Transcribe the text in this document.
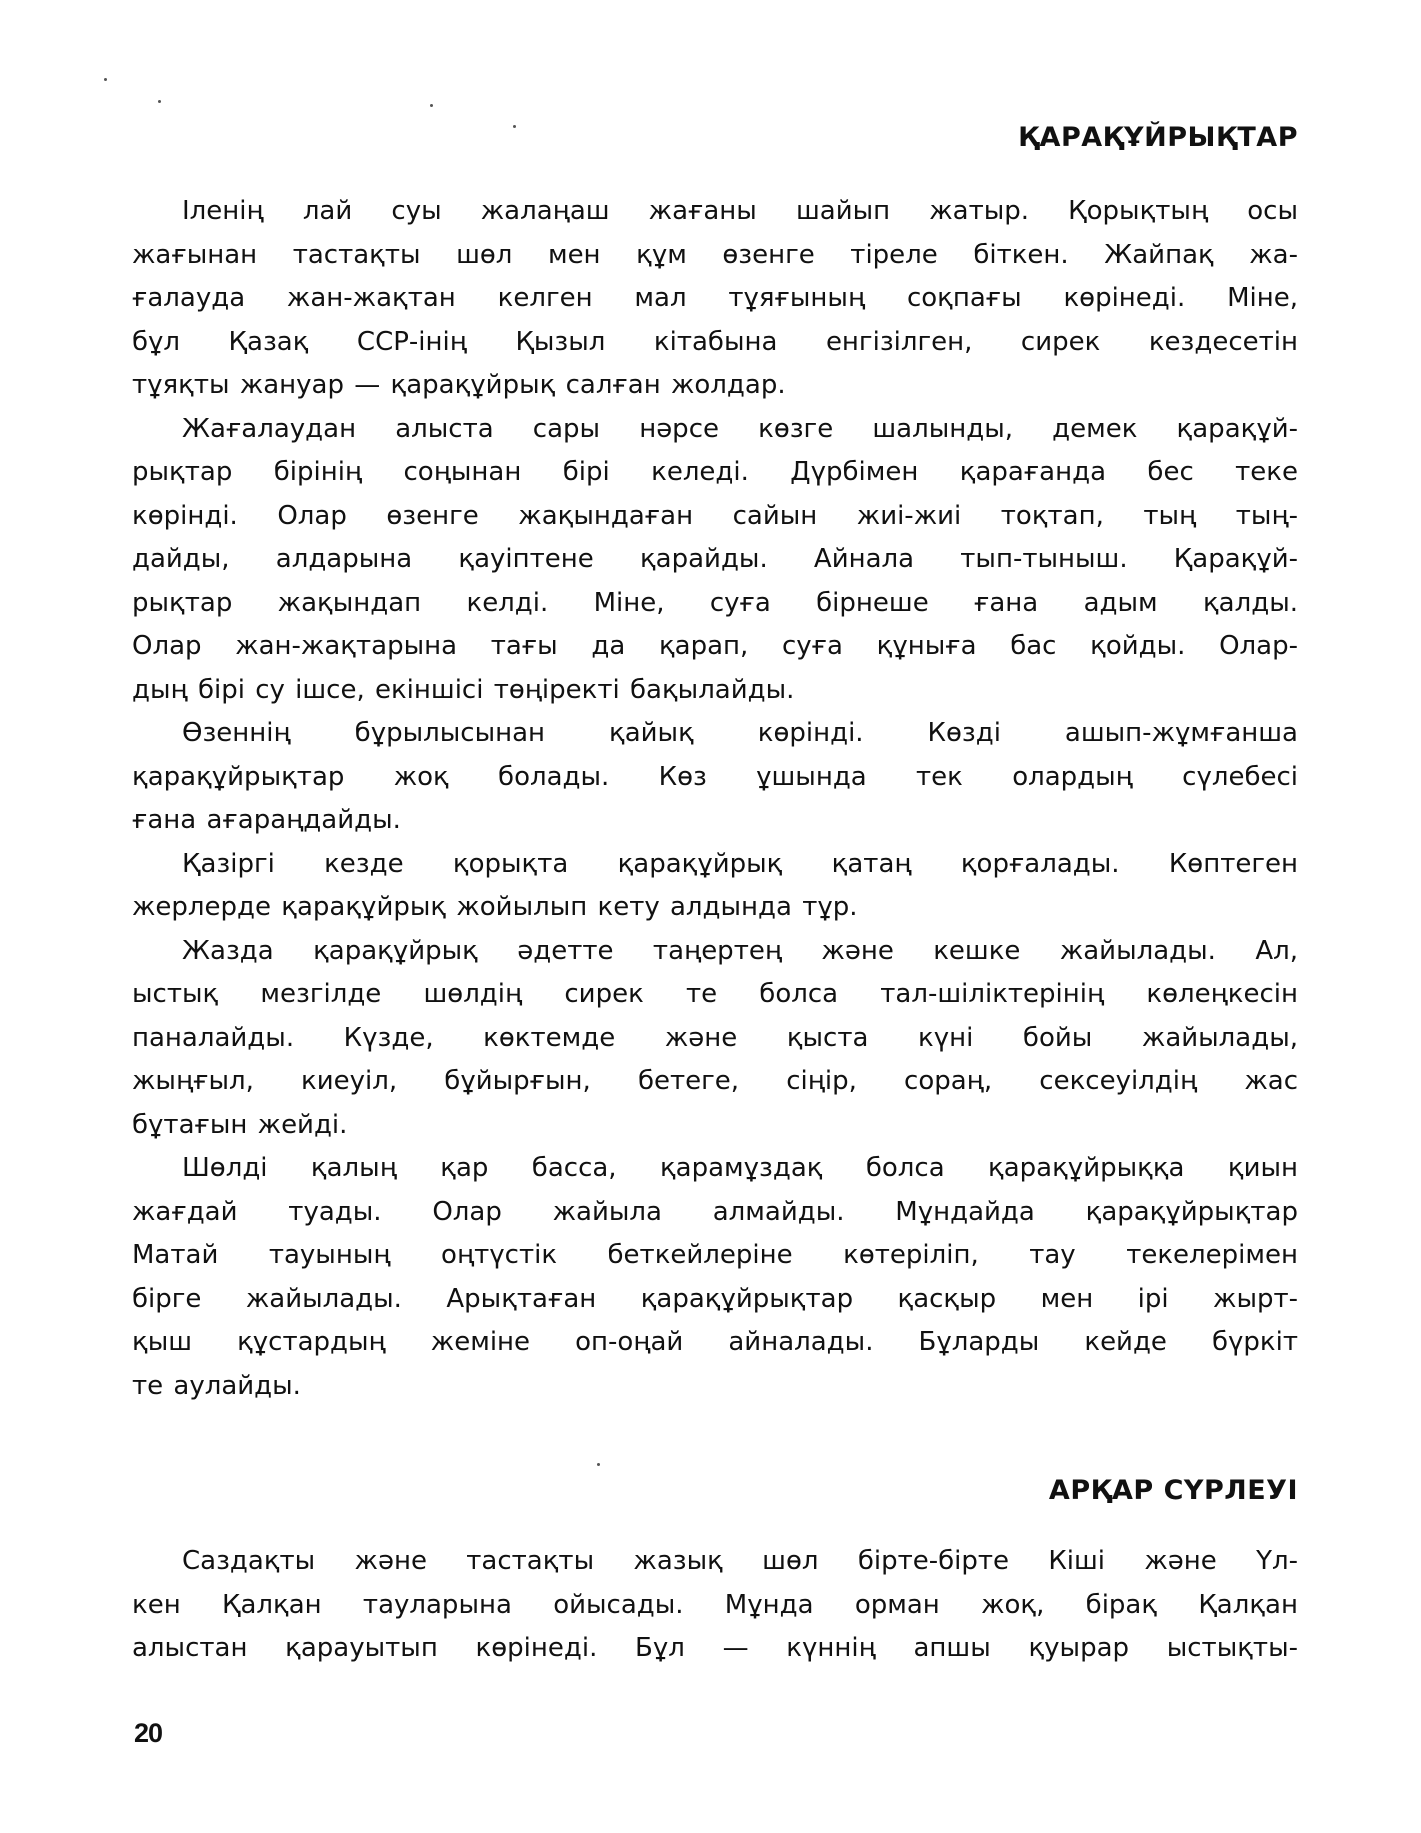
ҚАРАҚҰЙРЫҚТАР
Іленің лай суы жалаңаш жағаны шайып жатыр. Қорықтың осы
жағынан тастақты шөл мен құм өзенге тіреле біткен. Жайпақ жа-
ғалауда жан-жақтан келген мал тұяғының соқпағы көрінеді. Міне,
бұл Қазақ ССР-інің Қызыл кітабына енгізілген, сирек кездесетін
тұяқты жануар — қарақұйрық салған жолдар.
Жағалаудан алыста сары нәрсе көзге шалынды, демек қарақұй-
рықтар бірінің соңынан бірі келеді. Дүрбімен қарағанда бес теке
көрінді. Олар өзенге жақындаған сайын жиі-жиі тоқтап, тың тың-
дайды, алдарына қауіптене қарайды. Айнала тып-тыныш. Қарақұй-
рықтар жақындап келді. Міне, суға бірнеше ғана адым қалды.
Олар жан-жақтарына тағы да қарап, суға құныға бас қойды. Олар-
дың бірі су ішсе, екіншісі төңіректі бақылайды.
Өзеннің бұрылысынан қайық көрінді. Көзді ашып-жұмғанша
қарақұйрықтар жоқ болады. Көз ұшында тек олардың сүлебесі
ғана ағараңдайды.
Қазіргі кезде қорықта қарақұйрық қатаң қорғалады. Көптеген
жерлерде қарақұйрық жойылып кету алдында тұр.
Жазда қарақұйрық әдетте таңертең және кешке жайылады. Ал,
ыстық мезгілде шөлдің сирек те болса тал-шіліктерінің көлеңкесін
паналайды. Күзде, көктемде және қыста күні бойы жайылады,
жыңғыл, киеуіл, бұйырғын, бетеге, сіңір, сораң, сексеуілдің жас
бұтағын жейді.
Шөлді қалың қар басса, қарамұздақ болса қарақұйрыққа қиын
жағдай туады. Олар жайыла алмайды. Мұндайда қарақұйрықтар
Матай тауының оңтүстік беткейлеріне көтеріліп, тау текелерімен
бірге жайылады. Арықтаған қарақұйрықтар қасқыр мен ірі жырт-
қыш құстардың жеміне оп-оңай айналады. Бұларды кейде бүркіт
те аулайды.
АРҚАР СҮРЛЕУІ
Саздақты және тастақты жазық шөл бірте-бірте Кіші және Үл-
кен Қалқан тауларына ойысады. Мұнда орман жоқ, бірақ Қалқан
алыстан қарауытып көрінеді. Бұл — күннің апшы қуырар ыстықты-
20
